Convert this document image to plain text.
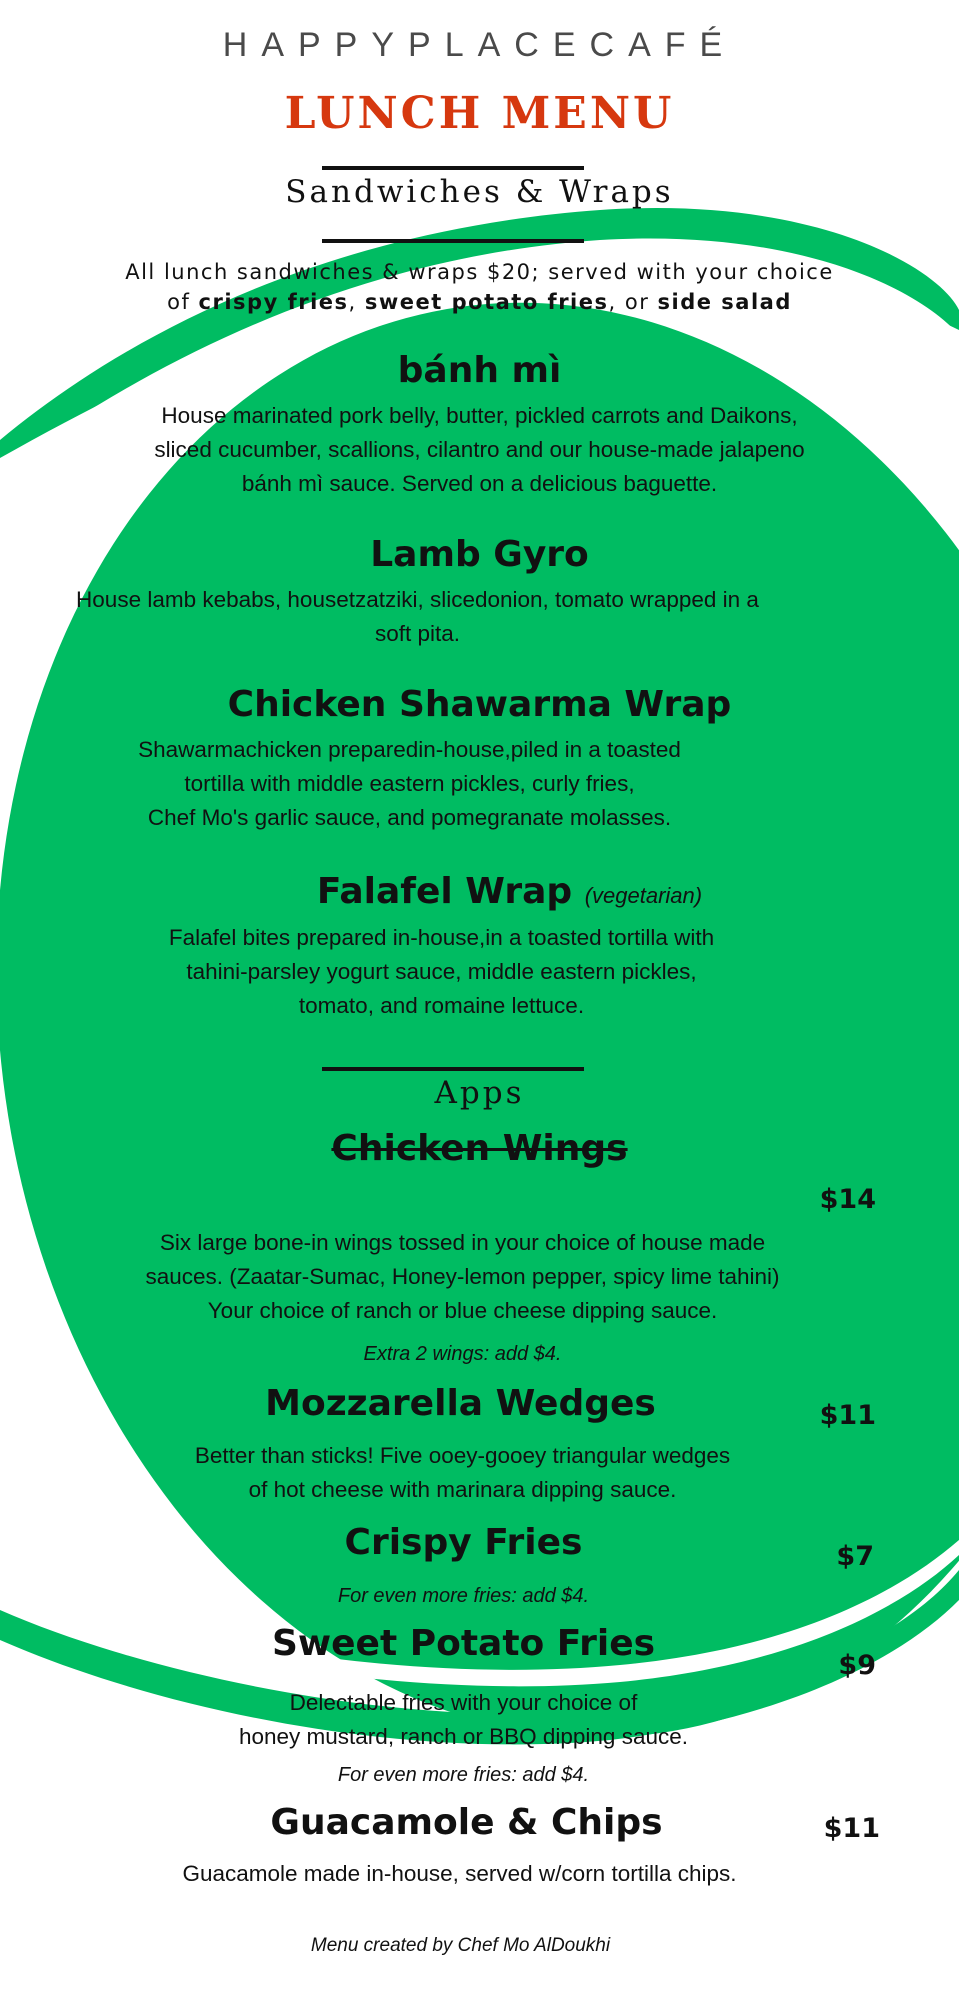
HAPPYPLACECAFÉ
LUNCH MENU
Sandwiches & Wraps
All lunch sandwiches & wraps $20; served with your choice
of crispy fries, sweet potato fries, or side salad
bánh mì
House marinated pork belly, butter, pickled carrots and Daikons,
sliced cucumber, scallions, cilantro and our house-made jalapeno
bánh mì sauce. Served on a delicious baguette.
Lamb Gyro
House lamb kebabs, housetzatziki, slicedonion, tomato wrapped in a
soft pita.
Chicken Shawarma Wrap
Shawarmachicken preparedin-house,piled in a toasted
tortilla with middle eastern pickles, curly fries,
Chef Mo's garlic sauce, and pomegranate molasses.
Falafel Wrap (vegetarian)
Falafel bites prepared in-house,in a toasted tortilla with
tahini-parsley yogurt sauce, middle eastern pickles,
tomato, and romaine lettuce.
Apps
Chicken Wings
$14
Six large bone-in wings tossed in your choice of house made
sauces. (Zaatar-Sumac, Honey-lemon pepper, spicy lime tahini)
Your choice of ranch or blue cheese dipping sauce.
Extra 2 wings: add $4.
Mozzarella Wedges	$11
Better than sticks! Five ooey-gooey triangular wedges
of hot cheese with marinara dipping sauce.
Crispy Fries	$7
For even more fries: add $4.
Sweet Potato Fries
$9
Delectable fries with your choice of
honey mustard, ranch or BBQ dipping sauce.
For even more fries: add $4.
Guacamole & Chips	$11
Guacamole made in-house, served w/corn tortilla chips.
Menu created by Chef Mo AlDoukhi
